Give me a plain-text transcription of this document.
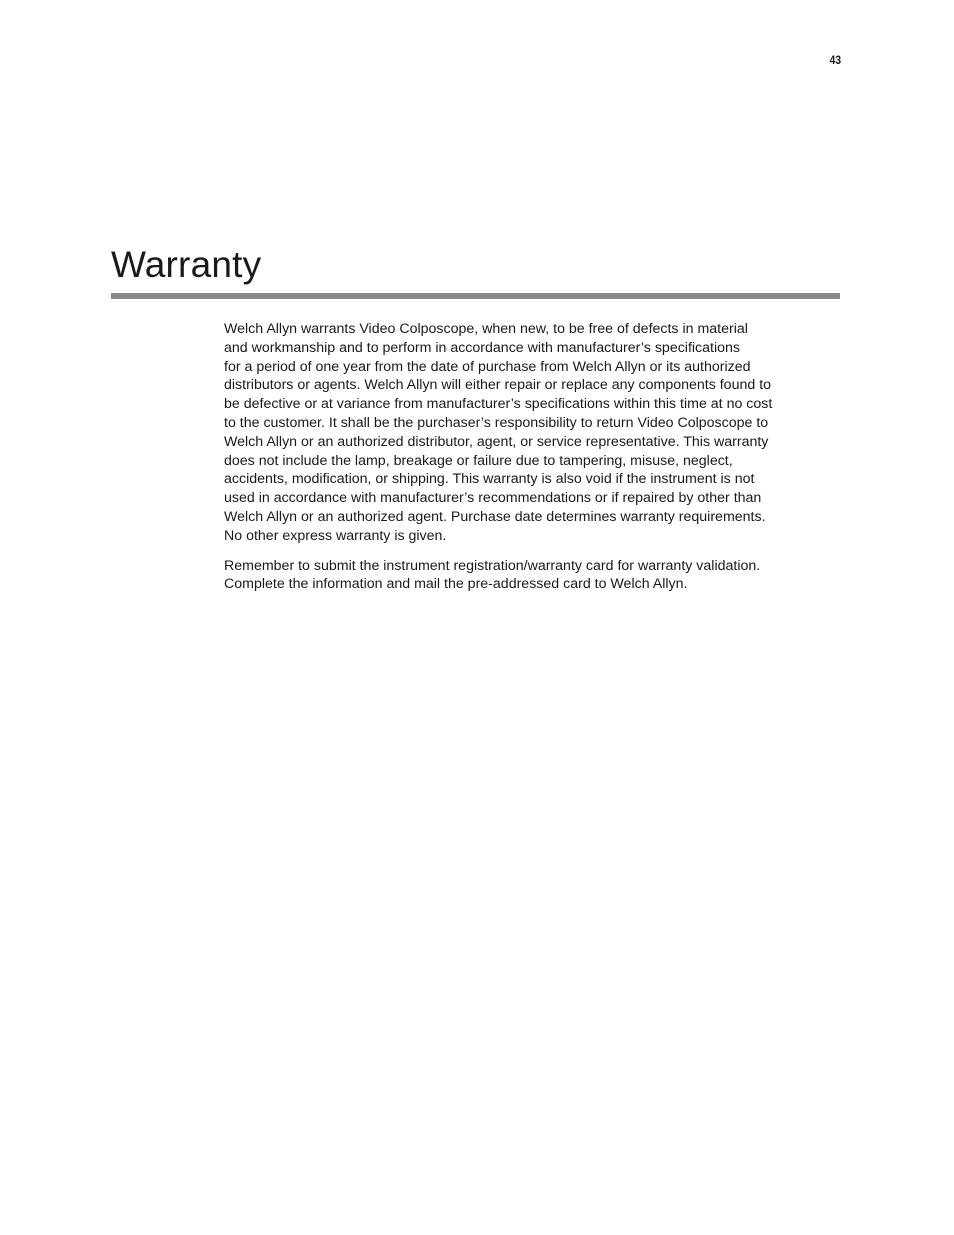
43
Warranty

Welch Allyn warrants Video Colposcope, when new, to be free of defects in material
and workmanship and to perform in accordance with manufacturer’s specifications
for a period of one year from the date of purchase from Welch Allyn or its authorized
distributors or agents. Welch Allyn will either repair or replace any components found to
be defective or at variance from manufacturer’s specifications within this time at no cost
to the customer. It shall be the purchaser’s responsibility to return Video Colposcope to
Welch Allyn or an authorized distributor, agent, or service representative. This warranty
does not include the lamp, breakage or failure due to tampering, misuse, neglect,
accidents, modification, or shipping. This warranty is also void if the instrument is not
used in accordance with manufacturer’s recommendations or if repaired by other than
Welch Allyn or an authorized agent. Purchase date determines warranty requirements.
No other express warranty is given.

Remember to submit the instrument registration/warranty card for warranty validation.
Complete the information and mail the pre-addressed card to Welch Allyn.
